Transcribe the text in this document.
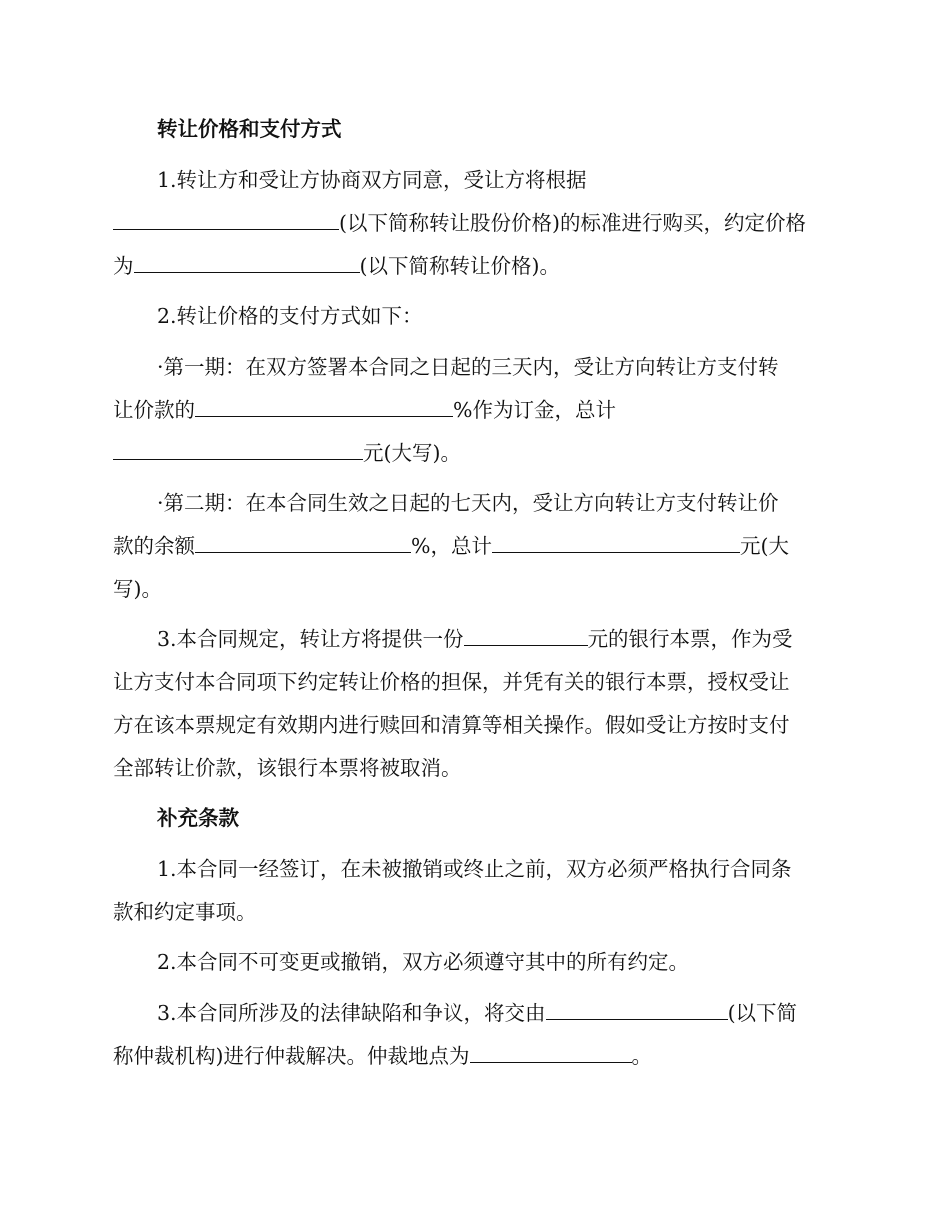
转让价格和支付方式
1.转让方和受让方协商双方同意，受让方将根据
(以下简称转让股份价格)的标准进行购买，约定价格
为	(以下简称转让价格)。
2.转让价格的支付方式如下：
·第一期：在双方签署本合同之日起的三天内，受让方向转让方支付转
让价款的	%作为订金，总计
元(大写)。
·第二期：在本合同生效之日起的七天内，受让方向转让方支付转让价
款的余额	%，总计	元(大
写)。
3.本合同规定，转让方将提供一份	元的银行本票，作为受
让方支付本合同项下约定转让价格的担保，并凭有关的银行本票，授权受让
方在该本票规定有效期内进行赎回和清算等相关操作。假如受让方按时支付
全部转让价款，该银行本票将被取消。
补充条款
1.本合同一经签订，在未被撤销或终止之前，双方必须严格执行合同条
款和约定事项。
2.本合同不可变更或撤销，双方必须遵守其中的所有约定。
3.本合同所涉及的法律缺陷和争议，将交由	(以下简
称仲裁机构)进行仲裁解决。仲裁地点为	。
